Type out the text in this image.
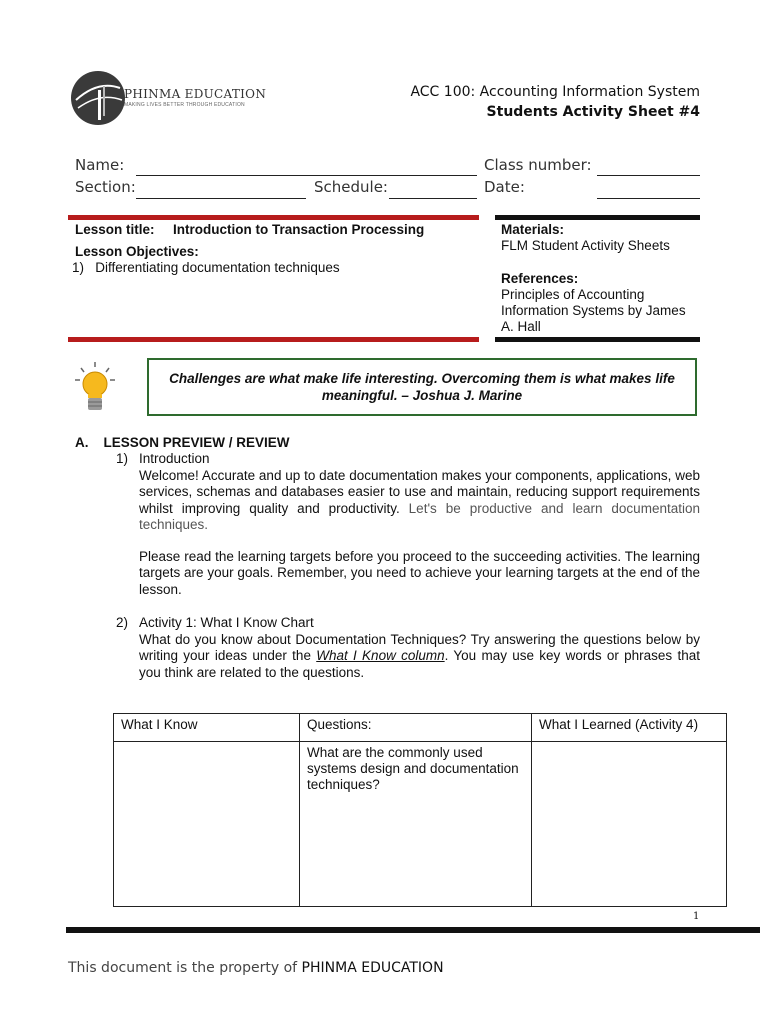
PHINMA EDUCATION
MAKING LIVES BETTER THROUGH EDUCATION
ACC 100: Accounting Information System
Students Activity Sheet #4
Name:	Class number:
Section:	Schedule:	Date:
Lesson title: Introduction to Transaction Processing
Lesson Objectives:
1)   Differentiating documentation techniques
Materials:
FLM Student Activity Sheets
References:
Principles of Accounting Information Systems by James A. Hall
Challenges are what make life interesting. Overcoming them is what makes life meaningful. – Joshua J. Marine
A.    LESSON PREVIEW / REVIEW
1) Introduction
Welcome! Accurate and up to date documentation makes your components, applications, web services, schemas and databases easier to use and maintain, reducing support requirements whilst improving quality and productivity. Let's be productive and learn documentation techniques.
Please read the learning targets before you proceed to the succeeding activities. The learning targets are your goals. Remember, you need to achieve your learning targets at the end of the lesson.
2) Activity 1: What I Know Chart
What do you know about Documentation Techniques? Try answering the questions below by writing your ideas under the What I Know column. You may use key words or phrases that you think are related to the questions.
What I Know	Questions:	What I Learned (Activity 4)
	What are the commonly used systems design and documentation techniques?	
1
This document is the property of PHINMA EDUCATION
